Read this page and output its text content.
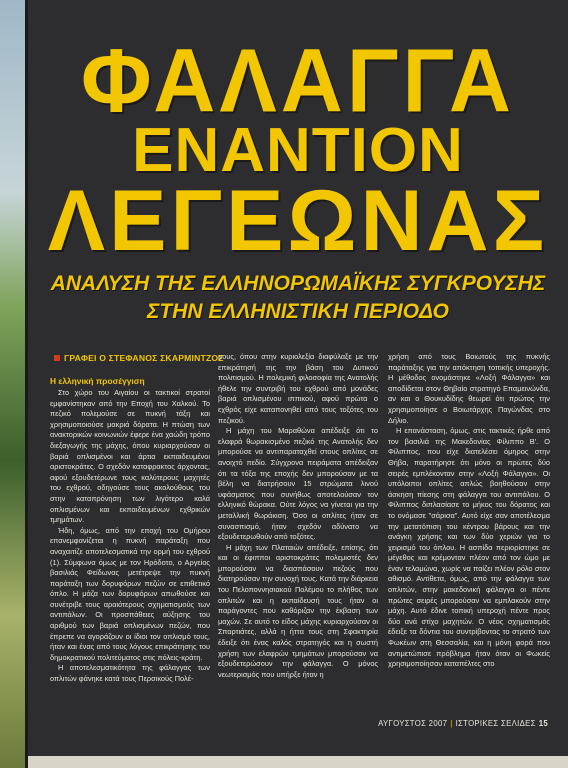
ΦΑΛΑΓΓΑ
ΕΝΑΝΤΙΟΝ
ΛΕΓΕΩΝΑΣ
ΑΝΑΛΥΣΗ ΤΗΣ ΕΛΛΗΝΟΡΩΜΑΪΚΗΣ ΣΥΓΚΡΟΥΣΗΣ
ΣΤΗΝ ΕΛΛΗΝΙΣΤΙΚΗ ΠΕΡΙΟΔΟ
ΓΡΑΦΕΙ Ο ΣΤΕΦΑΝΟΣ ΣΚΑΡΜΙΝΤΖΟΣ

Η ελληνική προσέγγιση

Στο χώρο του Αιγαίου οι τακτικοί στρατοί εμφανίστηκαν από την Εποχή του Χαλκού. Το πεζικό πολεμούσε σε πυκνή τάξη και χρησιμοποιούσε μακριά δόρατα. Η πτώση των ανακτορικών κοινωνιών έφερε ένα χαώδη τρόπο διεξαγωγής της μάχης, όπου κυριαρχούσαν οι βαριά οπλισμένοι και άρτια εκπαιδευμένοι αριστοκράτες. Ο σχεδόν καταφρακτος άρχοντας, αφού εξουδετέρωνε τους καλύτερους μαχητές του εχθρού, οδηγούσε τους ακολούθους του στην καταπρόνηση των λιγότερο καλά οπλισμένων και εκπαιδευμένων εχθρικών τμημάτων.

Ήδη, όμως, από την εποχή του Ομήρου επανεμφανίζεται η πυκνή παράταξη που αναχαιτίζε αποτελεσματικά την ορμή του εχθρού (1). Σύμφωνα όμως με τον Ηρόδοτο, ο Αργείος βασιλιάς Φείδωνας μετέτρεψε την πυκνή παράταξη των δορυφόρων πεζών σε επιθετικό όπλο. Η μάζα των δορυφόρων απωθούσε και συνέτριβε τους αραιότερους σχηματισμούς των αντιπάλων. Οι προσπάθειες αύξησης του αριθμού των βαριά οπλισμένων πεζών, που έπρεπε να αγοράζουν οι ίδιοι τον οπλισμό τους, ήταν και ένας από τους λόγους επικράτησης του δημοκρατικού πολιτεύματος στις πόλεις-κράτη.

Η αποτελεσματικότητα της φάλαγγας των οπλιτών φάνηκε κατά τους Περσικούς Πολέ-

μους, όπου στην κυριολεξία διαφύλαξε με την επικράτησή της την βάση του Δυτικού πολιτισμού. Η πολεμική φιλοσοφία της Ανατολής ήθελε την συντριβή του εχθρού από μονάδες βαριά οπλισμένου ιππικού, αφού πρώτα ο εχθρός είχε καταπονηθεί από τους τοξότες του πεζικού.

Η μάχη του Μαραθώνα απέδειξε ότι το ελαφρά θωρακισμένο πεζικό της Ανατολής δεν μπορούσε να αντιπαραταχθεί στους οπλίτες σε ανοιχτό πεδίο. Σύγχρονα πειράματα απέδειξαν ότι τα τόξα της εποχής δεν μπορούσαν με τα βέλη να διατρήσουν 15 στρώματα λινού υφάσματος που συνήθως αποτελούσαν τον ελληνικό θώρακα. Ούτε λόγος να γίνεται για την μεταλλική θωράκιση. Όσο οι οπλίτες ήταν σε συνασπισμό, ήταν σχεδόν αδύνατο να εξουδετερωθούν από τοξότες.

Η μάχη των Πλαταιών απέδειξε, επίσης, ότι και οι έφιπποι αριστοκράτες πολεμιστές δεν μπορούσαν να διασπάσουν πεζούς που διατηρούσαν την συνοχή τους. Κατά την διάρκεια του Πελοποννησιακού Πολέμου το πλήθος των οπλιτών και η εκπαίδευσή τους ήταν οι παράγοντες που καθόριζαν την έκβαση των μαχών. Σε αυτό το είδος μάχης κυριαρχούσαν οι Σπαρτιάτες, αλλά η ήττα τους στη Σφακτηρία έδειξε ότι ένας καλός στρατηγός και η σωστή χρήση των ελαφρών τμημάτων μπορούσαν να εξουδετερώσουν την φάλαγγα. Ο μόνος νεωτερισμός που υπήρξε ήταν η

χρήση από τους Βοιωτούς της πυκνής παράταξης για την απόκτηση τοπικής υπεροχής. Η μέθοδος ονομάστηκε «Λοξή Φάλαγγα» και αποδίδεται στον Θηβαίο στρατηγό Επαμεινώνδα, αν και ο Θουκυδίδης θεωρεί ότι πρώτος την χρησιμοποίησε ο Βοιωτάρχης Παγώνδας στο Δήλιο.

Η επανάσταση, όμως, στις τακτικές ήρθε από τον βασιλιά της Μακεδονίας Φίλιππο Β'. Ο Φίλιππος, που είχε διατελέσει όμηρος στην Θήβα, παρατήρησε ότι μόνο οι πρώτες δύο σειρές εμπλέκονταν στην «Λοξή Φάλαγγα». Οι υπόλοιποι οπλίτες απλώς βοηθούσαν στην άσκηση πίεσης στη φάλαγγα του αντιπάλου. Ο Φίλιππος διπλασίασε το μήκος του δόρατος και το ονόμασε "σάρισα". Αυτό είχε σαν αποτέλεσμα την μετατόπιση του κέντρου βάρους και την ανάγκη χρήσης και των δύο χεριών για το χειρισμό του όπλου. Η ασπίδα περιορίστηκε σε μέγεθος και κρέμονταν πλέον από τον ώμο με έναν τελαμώνα, χωρίς να παίζει πλέον ρόλο στον αθισμό. Αντίθετα, όμως, από την φάλαγγα των οπλιτών, στην μακεδονική φάλαγγα οι πέντε πρώτες σειρές μπορούσαν να εμπλακούν στην μάχη. Αυτό έδινε τοπική υπεροχή πέντε προς δύο ανά στίχο μαχητών. Ο νέος σχηματισμός έδειξε τα δόντια του συντρίβοντας το στρατό των Φωκέων στη Θεσσαλία, και η μόνη φορά που αντιμετώπισε πρόβλημα ήταν όταν οι Φωκείς χρησιμοποίησαν καταπέλτες στο

ΑΥΓΟΥΣΤΟΣ 2007 | ΙΣΤΟΡΙΚΕΣ ΣΕΛΙΔΕΣ 15
